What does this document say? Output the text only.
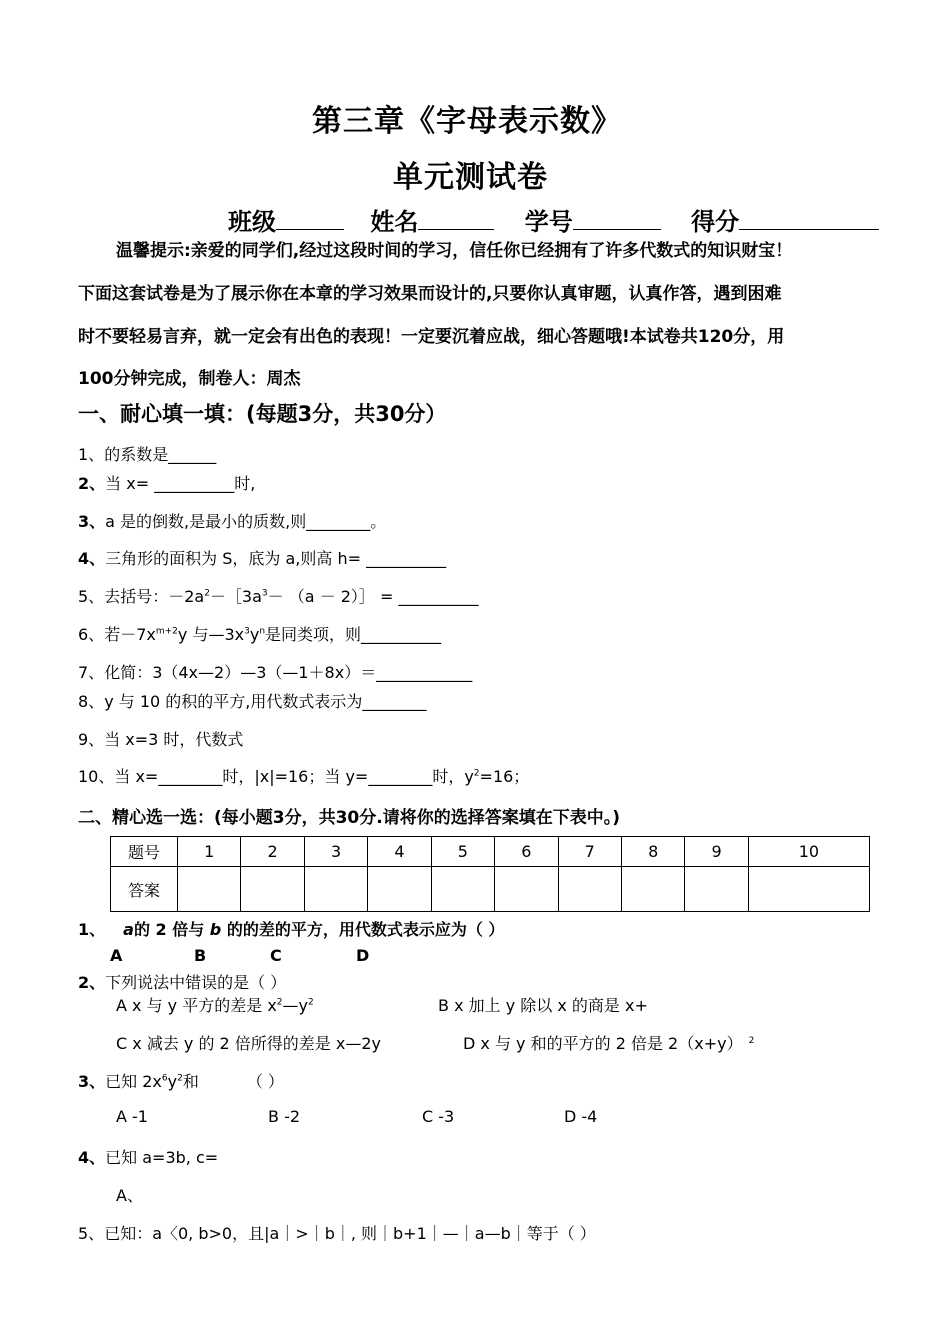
第三章《字母表示数》
单元测试卷
班级	姓名	学号	得分
温馨提示:亲爱的同学们,经过这段时间的学习，信任你已经拥有了许多代数式的知识财宝！
下面这套试卷是为了展示你在本章的学习效果而设计的,只要你认真审题，认真作答，遇到困难
时不要轻易言弃，就一定会有出色的表现！一定要沉着应战，细心答题哦!本试卷共120分，用
100分钟完成，制卷人：周杰
一、耐心填一填：(每题3分，共30分）
1、的系数是______
2、当 x= __________时,
3、a 是的倒数,是最小的质数,则________。
4、三角形的面积为 S，底为 a,则高 h= __________
5、去括号：$-2a^2-[3a^3- (a$ － 2）］ = __________
6、若$-7x^{m+2}y$ 与$—3x^3y^n$是同类项，则__________
7、化简：3（4x—2）—3（—1＋8x）＝____________
8、y 与 10 的积的平方,用代数式表示为________
9、当 x=3 时，代数式
10、当 x=________时，|x|=16；当 y=________时，$y^2=16$；
二、精心选一选：(每小题3分，共30分.请将你的选择答案填在下表中。)
题号	1	2	3	4	5	6	7	8	9	10
答案										
1、 a的 2 倍与 b 的的差的平方，用代数式表示应为（ ）
A	B	C	D
2、下列说法中错误的是（ ）
A x 与 y 平方的差是 $x^2—y^2$	B x 加上 y 除以 x 的商是 x+
C x 减去 y 的 2 倍所得的差是 x—2y	D x 与 y 和的平方的 2 倍是 2（x+y） $^2$
3、已知 $2x^6y^2$和	（ ）
A -1	B -2	C -3	D -4
4、已知 a=3b, c=
A、
5、已知：a〈0, b>0，且|a｜>｜b｜, 则｜b+1｜—｜a—b｜等于（ ）
